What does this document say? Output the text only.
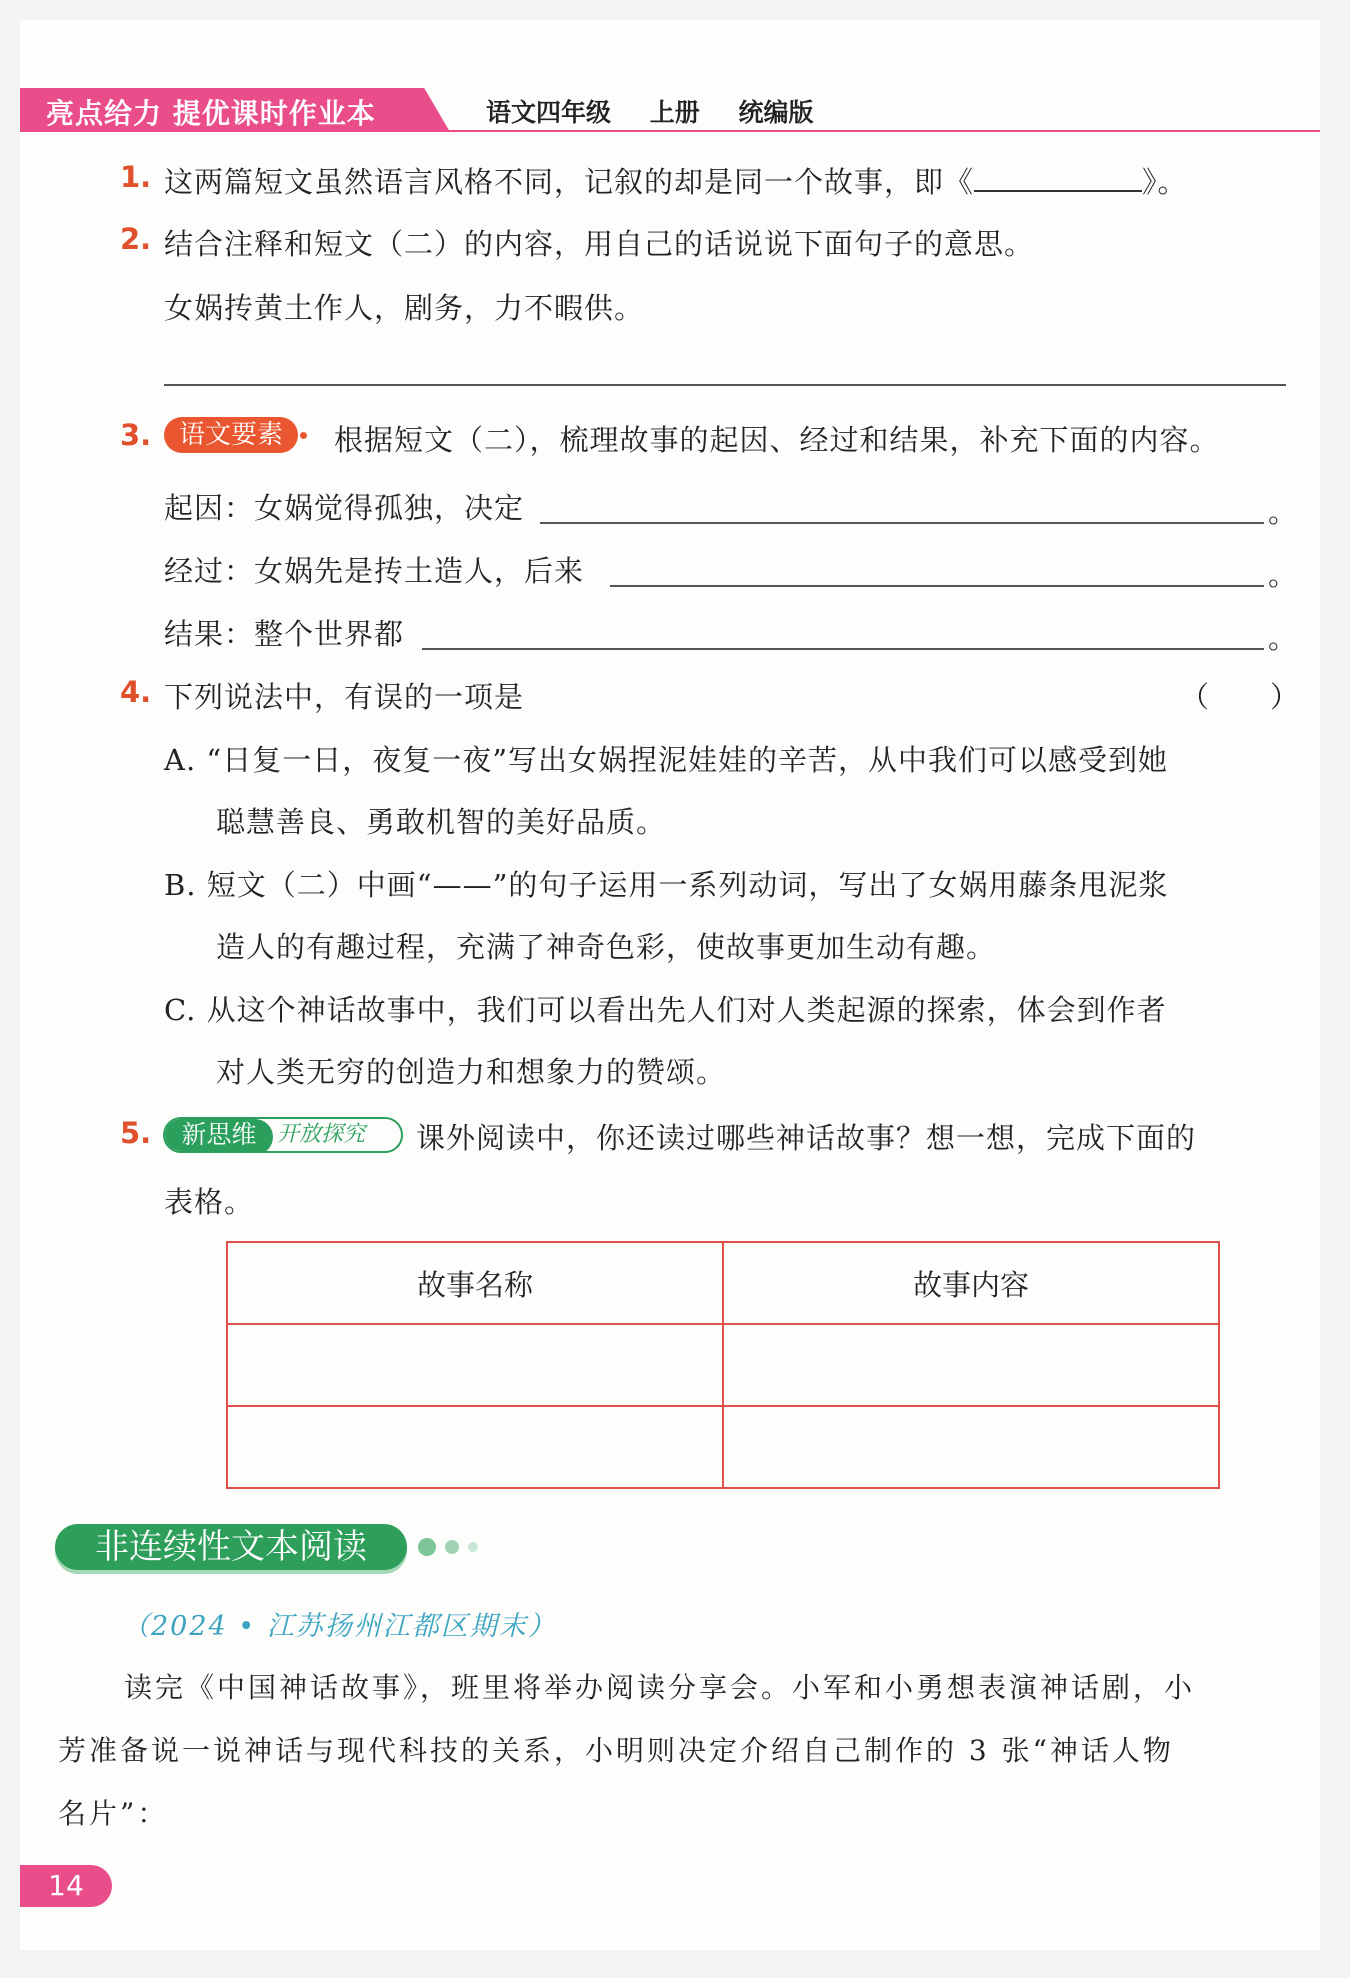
亮点给力 提优课时作业本	语文四年级 上册 统编版
1. 这两篇短文虽然语言风格不同，记叙的却是同一个故事，即《	》。
2. 结合注释和短文（二）的内容，用自己的话说说下面句子的意思。
女娲抟黄土作人，剧务，力不暇供。
3.	语文要素	根据短文（二），梳理故事的起因、经过和结果，补充下面的内容。
起因：女娲觉得孤独，决定	。
经过：女娲先是抟土造人，后来	。
结果：整个世界都	。
4. 下列说法中，有误的一项是	（　　）
A. “日复一日，夜复一夜”写出女娲捏泥娃娃的辛苦，从中我们可以感受到她
聪慧善良、勇敢机智的美好品质。
B. 短文（二）中画“——”的句子运用一系列动词，写出了女娲用藤条甩泥浆
造人的有趣过程，充满了神奇色彩，使故事更加生动有趣。
C. 从这个神话故事中，我们可以看出先人们对人类起源的探索，体会到作者
对人类无穷的创造力和想象力的赞颂。
5.	新思维 开放探究 课外阅读中，你还读过哪些神话故事？想一想，完成下面的
表格。
故事名称	故事内容

非连续性文本阅读
（2024 • 江苏扬州江都区期末）
读完《中国神话故事》，班里将举办阅读分享会。小军和小勇想表演神话剧，小
芳准备说一说神话与现代科技的关系，小明则决定介绍自己制作的 3 张“神话人物
名片”：
14
